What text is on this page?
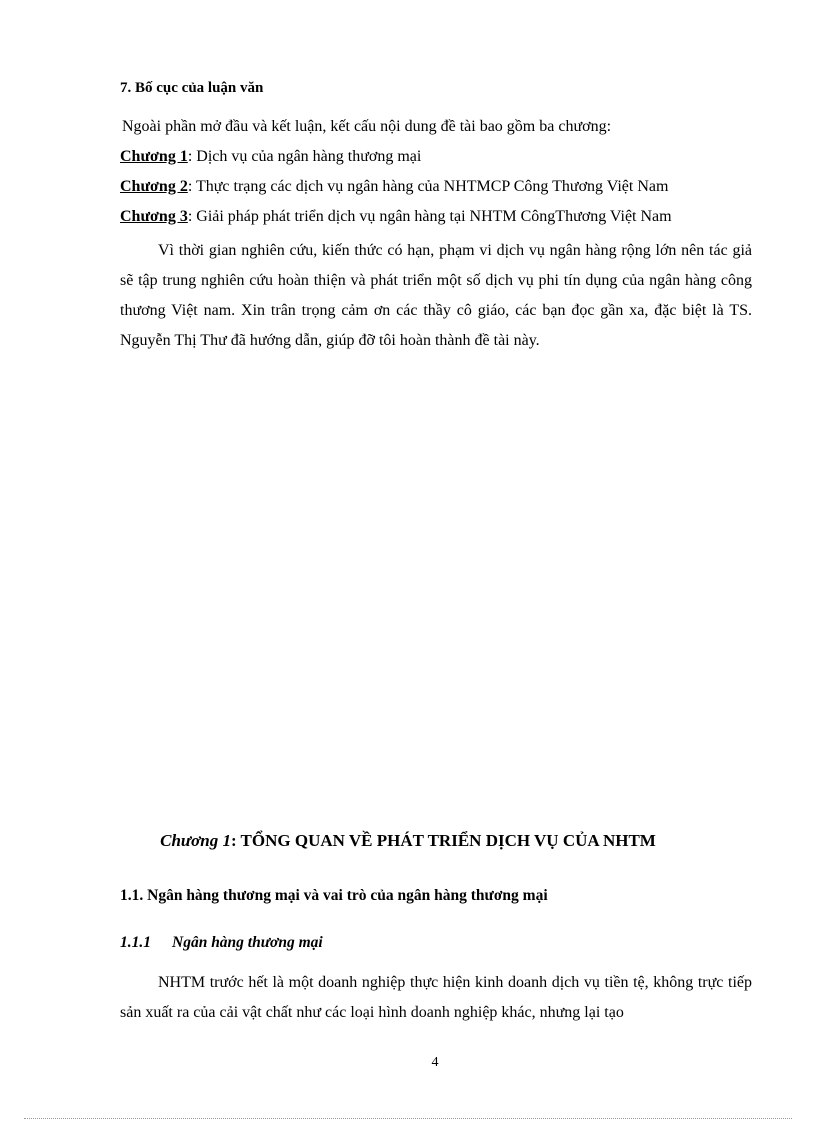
7. Bố cục của luận văn
Ngoài phần mở đầu và kết luận, kết cấu nội dung đề tài bao gồm ba chương:
Chương 1: Dịch vụ của ngân hàng thương mại
Chương 2: Thực trạng các dịch vụ ngân hàng của NHTMCP Công Thương Việt Nam
Chương 3: Giải pháp phát triển dịch vụ ngân hàng tại NHTM CôngThương Việt Nam

Vì thời gian nghiên cứu, kiến thức có hạn, phạm vi dịch vụ ngân hàng rộng lớn nên tác giả sẽ tập trung nghiên cứu hoàn thiện và phát triển một số dịch vụ phi tín dụng của ngân hàng công thương Việt nam. Xin trân trọng cảm ơn các thầy cô giáo, các bạn đọc gần xa, đặc biệt là TS. Nguyễn Thị Thư đã hướng dẫn, giúp đỡ tôi hoàn thành đề tài này.

Chương 1: TỔNG QUAN VỀ PHÁT TRIỂN DỊCH VỤ CỦA NHTM
1.1. Ngân hàng thương mại và vai trò của ngân hàng thương mại
1.1.1 Ngân hàng thương mại

NHTM trước hết là một doanh nghiệp thực hiện kinh doanh dịch vụ tiền tệ, không trực tiếp sản xuất ra của cải vật chất như các loại hình doanh nghiệp khác, nhưng lại tạo

4
